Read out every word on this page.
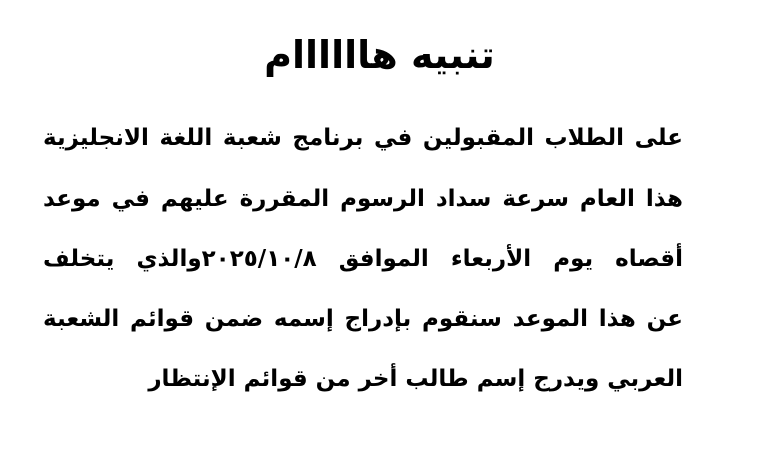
تنبيه هاااااام
على الطلاب المقبولين في برنامج شعبة اللغة الانجليزية
هذا العام سرعة سداد الرسوم المقررة عليهم في موعد
أقصاه يوم الأربعاء الموافق ٢٠٢٥/١٠/٨والذي يتخلف
عن هذا الموعد سنقوم بإدراج إسمه ضمن قوائم الشعبة
العربي ويدرج إسم طالب أخر من قوائم الإنتظار
